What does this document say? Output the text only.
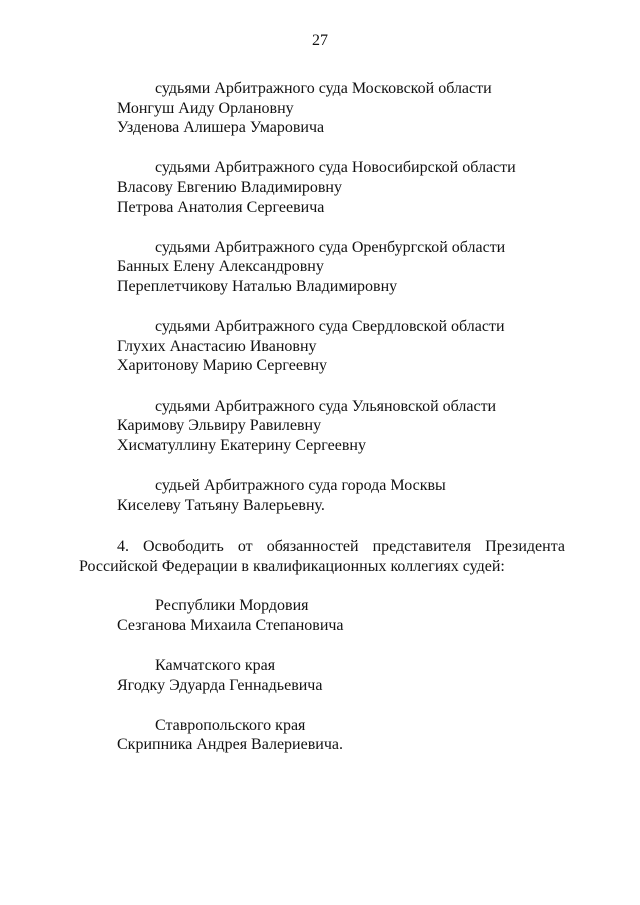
27
судьями Арбитражного суда Московской области
Монгуш Аиду Орлановну
Узденова Алишера Умаровича
судьями Арбитражного суда Новосибирской области
Власову Евгению Владимировну
Петрова Анатолия Сергеевича
судьями Арбитражного суда Оренбургской области
Банных Елену Александровну
Переплетчикову Наталью Владимировну
судьями Арбитражного суда Свердловской области
Глухих Анастасию Ивановну
Харитонову Марию Сергеевну
судьями Арбитражного суда Ульяновской области
Каримову Эльвиру Равилевну
Хисматуллину Екатерину Сергеевну
судьей Арбитражного суда города Москвы
Киселеву Татьяну Валерьевну.
4. Освободить от обязанностей представителя Президента
Российской Федерации в квалификационных коллегиях судей:
Республики Мордовия
Сезганова Михаила Степановича
Камчатского края
Ягодку Эдуарда Геннадьевича
Ставропольского края
Скрипника Андрея Валериевича.
